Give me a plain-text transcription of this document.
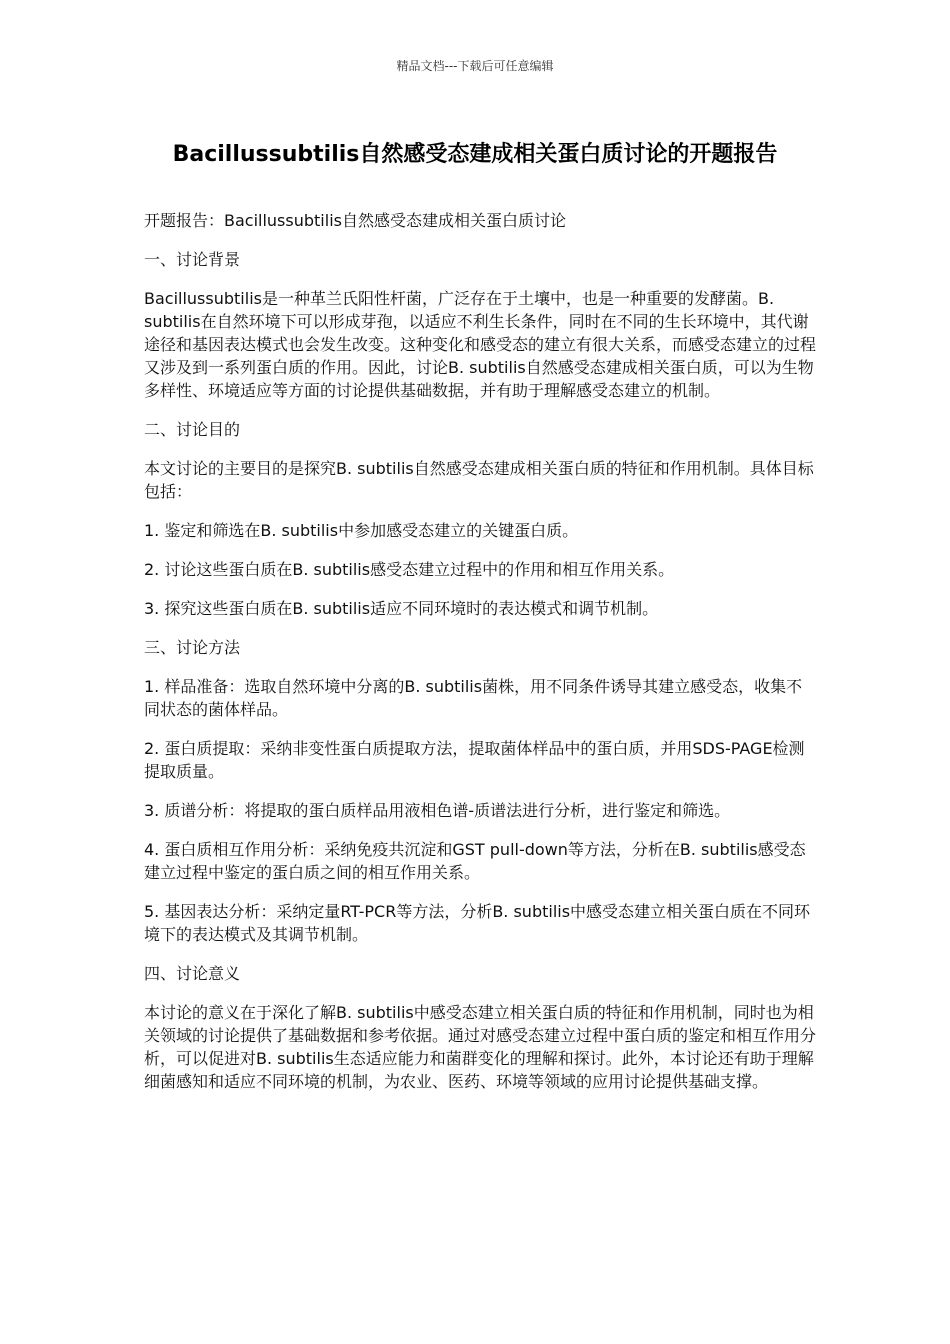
精品文档---下载后可任意编辑
Bacillussubtilis自然感受态建成相关蛋白质讨论的开题报告

开题报告：Bacillussubtilis自然感受态建成相关蛋白质讨论

一、讨论背景

Bacillussubtilis是一种革兰氏阳性杆菌，广泛存在于土壤中，也是一种重要的发酵菌。B. subtilis在自然环境下可以形成芽孢，以适应不利生长条件，同时在不同的生长环境中，其代谢途径和基因表达模式也会发生改变。这种变化和感受态的建立有很大关系，而感受态建立的过程又涉及到一系列蛋白质的作用。因此，讨论B. subtilis自然感受态建成相关蛋白质，可以为生物多样性、环境适应等方面的讨论提供基础数据，并有助于理解感受态建立的机制。

二、讨论目的

本文讨论的主要目的是探究B. subtilis自然感受态建成相关蛋白质的特征和作用机制。具体目标包括：

1. 鉴定和筛选在B. subtilis中参加感受态建立的关键蛋白质。

2. 讨论这些蛋白质在B. subtilis感受态建立过程中的作用和相互作用关系。

3. 探究这些蛋白质在B. subtilis适应不同环境时的表达模式和调节机制。

三、讨论方法

1. 样品准备：选取自然环境中分离的B. subtilis菌株，用不同条件诱导其建立感受态，收集不同状态的菌体样品。

2. 蛋白质提取：采纳非变性蛋白质提取方法，提取菌体样品中的蛋白质，并用SDS-PAGE检测提取质量。

3. 质谱分析：将提取的蛋白质样品用液相色谱-质谱法进行分析，进行鉴定和筛选。

4. 蛋白质相互作用分析：采纳免疫共沉淀和GST pull-down等方法，分析在B. subtilis感受态建立过程中鉴定的蛋白质之间的相互作用关系。

5. 基因表达分析：采纳定量RT-PCR等方法，分析B. subtilis中感受态建立相关蛋白质在不同环境下的表达模式及其调节机制。

四、讨论意义

本讨论的意义在于深化了解B. subtilis中感受态建立相关蛋白质的特征和作用机制，同时也为相关领域的讨论提供了基础数据和参考依据。通过对感受态建立过程中蛋白质的鉴定和相互作用分析，可以促进对B. subtilis生态适应能力和菌群变化的理解和探讨。此外，本讨论还有助于理解细菌感知和适应不同环境的机制，为农业、医药、环境等领域的应用讨论提供基础支撑。
